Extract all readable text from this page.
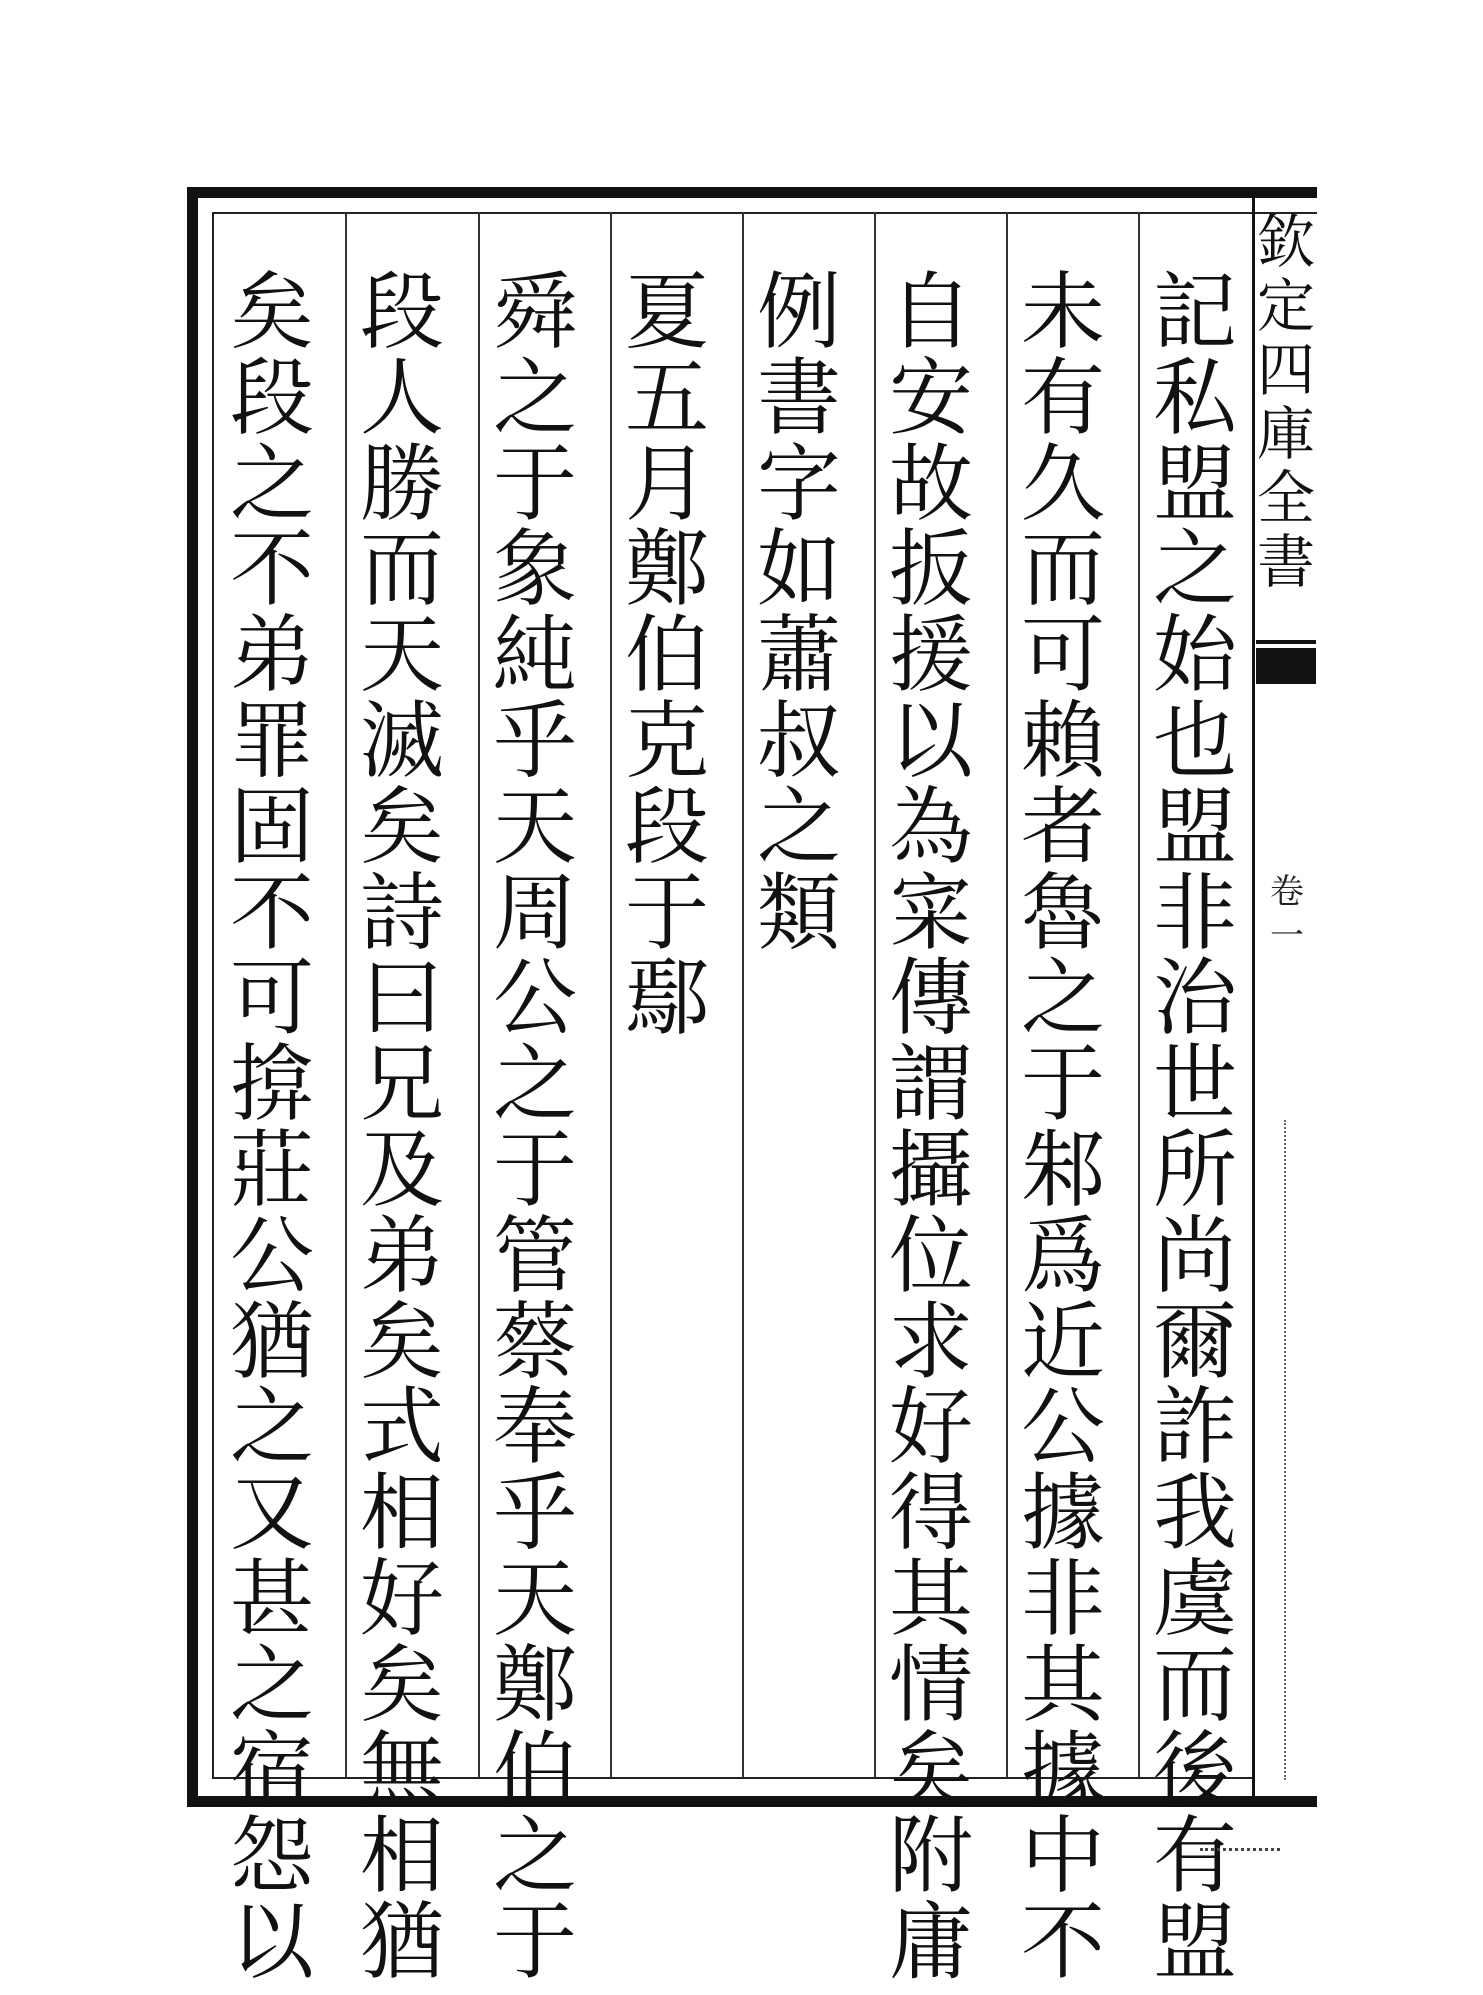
記
私
盟
之
始
也
盟
非
治
世
所
尚
爾
詐
我
虞
而
後
有
盟
未
有
久
而
可
賴
者
魯
之
于
邾
爲
近
公
據
非
其
據
中
不
自
安
故
扳
援
以
為
寀
傳
謂
攝
位
求
好
得
其
情
矣
附
庸
例
書
字
如
蕭
叔
之
類
夏
五
月
鄭
伯
克
段
于
鄢
舜
之
于
象
純
乎
天
周
公
之
于
管
蔡
奉
乎
天
鄭
伯
之
于
段
人
勝
而
天
滅
矣
詩
曰
兄
及
弟
矣
式
相
好
矣
無
相
猶
矣
段
之
不
弟
罪
固
不
可
揜
莊
公
猶
之
又
甚
之
宿
怨
以
欽
定
四
庫
全
書
卷
一
